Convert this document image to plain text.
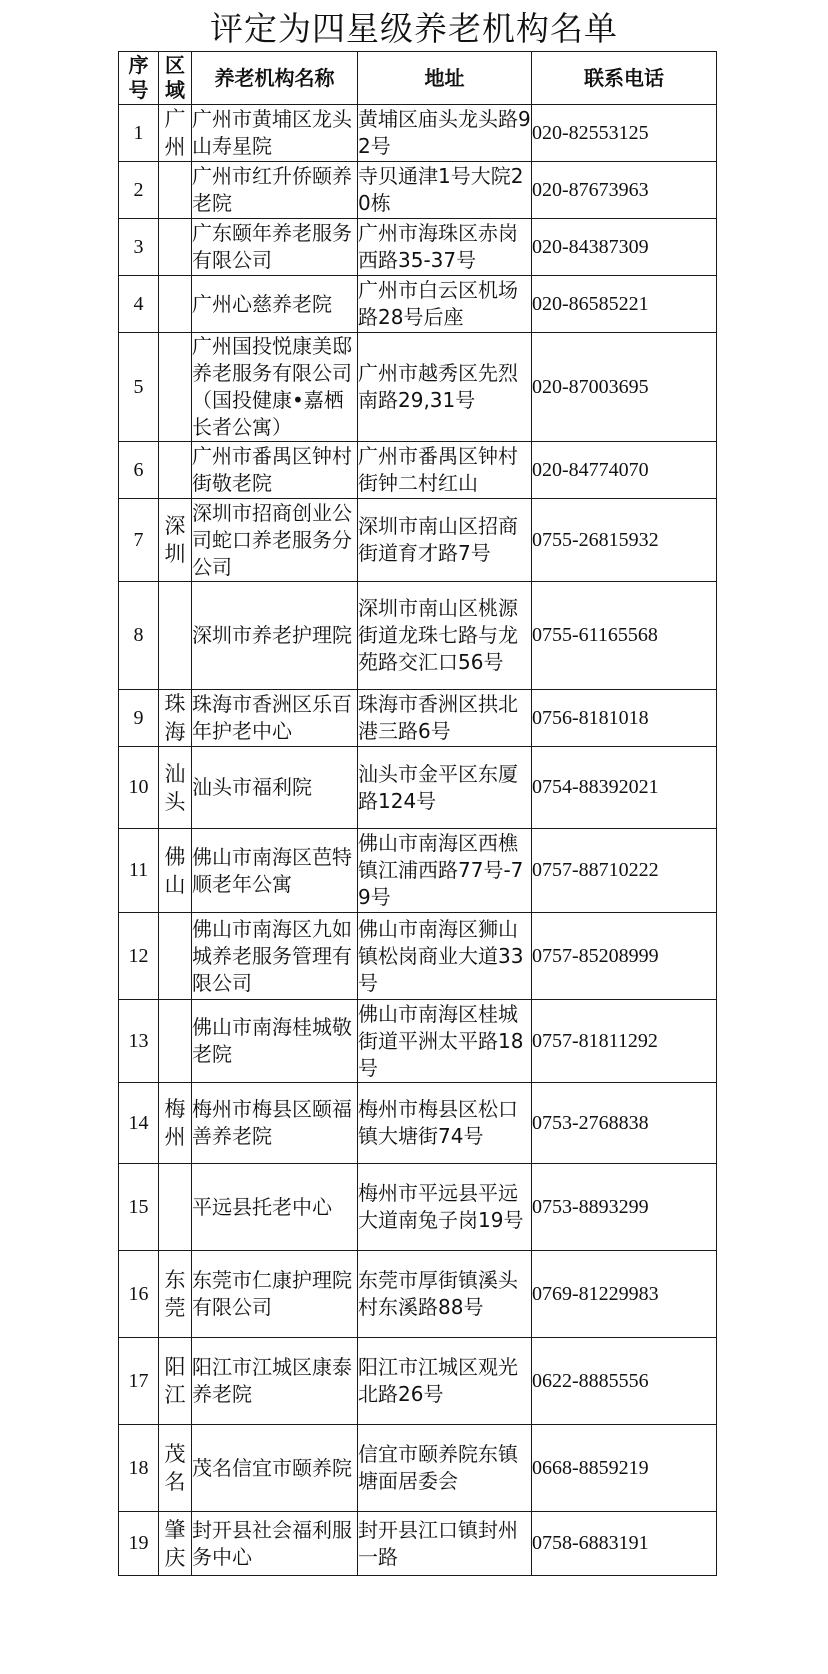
评定为四星级养老机构名单
序号	区域	养老机构名称	地址	联系电话
1	广州	广州市黄埔区龙头山寿星院	黄埔区庙头龙头路92号	020-82553125
2		广州市红升侨颐养老院	寺贝通津1号大院20栋	020-87673963
3		广东颐年养老服务有限公司	广州市海珠区赤岗西路35-37号	020-84387309
4		广州心慈养老院	广州市白云区机场路28号后座	020-86585221
5		广州国投悦康美邸养老服务有限公司（国投健康•嘉栖长者公寓）	广州市越秀区先烈南路29,31号	020-87003695
6		广州市番禺区钟村街敬老院	广州市番禺区钟村街钟二村红山	020-84774070
7	深圳	深圳市招商创业公司蛇口养老服务分公司	深圳市南山区招商街道育才路7号	0755-26815932
8		深圳市养老护理院	深圳市南山区桃源街道龙珠七路与龙苑路交汇口56号	0755-61165568
9	珠海	珠海市香洲区乐百年护老中心	珠海市香洲区拱北港三路6号	0756-8181018
10	汕头	汕头市福利院	汕头市金平区东厦路124号	0754-88392021
11	佛山	佛山市南海区芭特顺老年公寓	佛山市南海区西樵镇江浦西路77号-79号	0757-88710222
12		佛山市南海区九如城养老服务管理有限公司	佛山市南海区狮山镇松岗商业大道33号	0757-85208999
13		佛山市南海桂城敬老院	佛山市南海区桂城街道平洲太平路18号	0757-81811292
14	梅州	梅州市梅县区颐福善养老院	梅州市梅县区松口镇大塘街74号	0753-2768838
15		平远县托老中心	梅州市平远县平远大道南兔子岗19号	0753-8893299
16	东莞	东莞市仁康护理院有限公司	东莞市厚街镇溪头村东溪路88号	0769-81229983
17	阳江	阳江市江城区康泰养老院	阳江市江城区观光北路26号	0622-8885556
18	茂名	茂名信宜市颐养院	信宜市颐养院东镇塘面居委会	0668-8859219
19	肇庆	封开县社会福利服务中心	封开县江口镇封州一路	0758-6883191
